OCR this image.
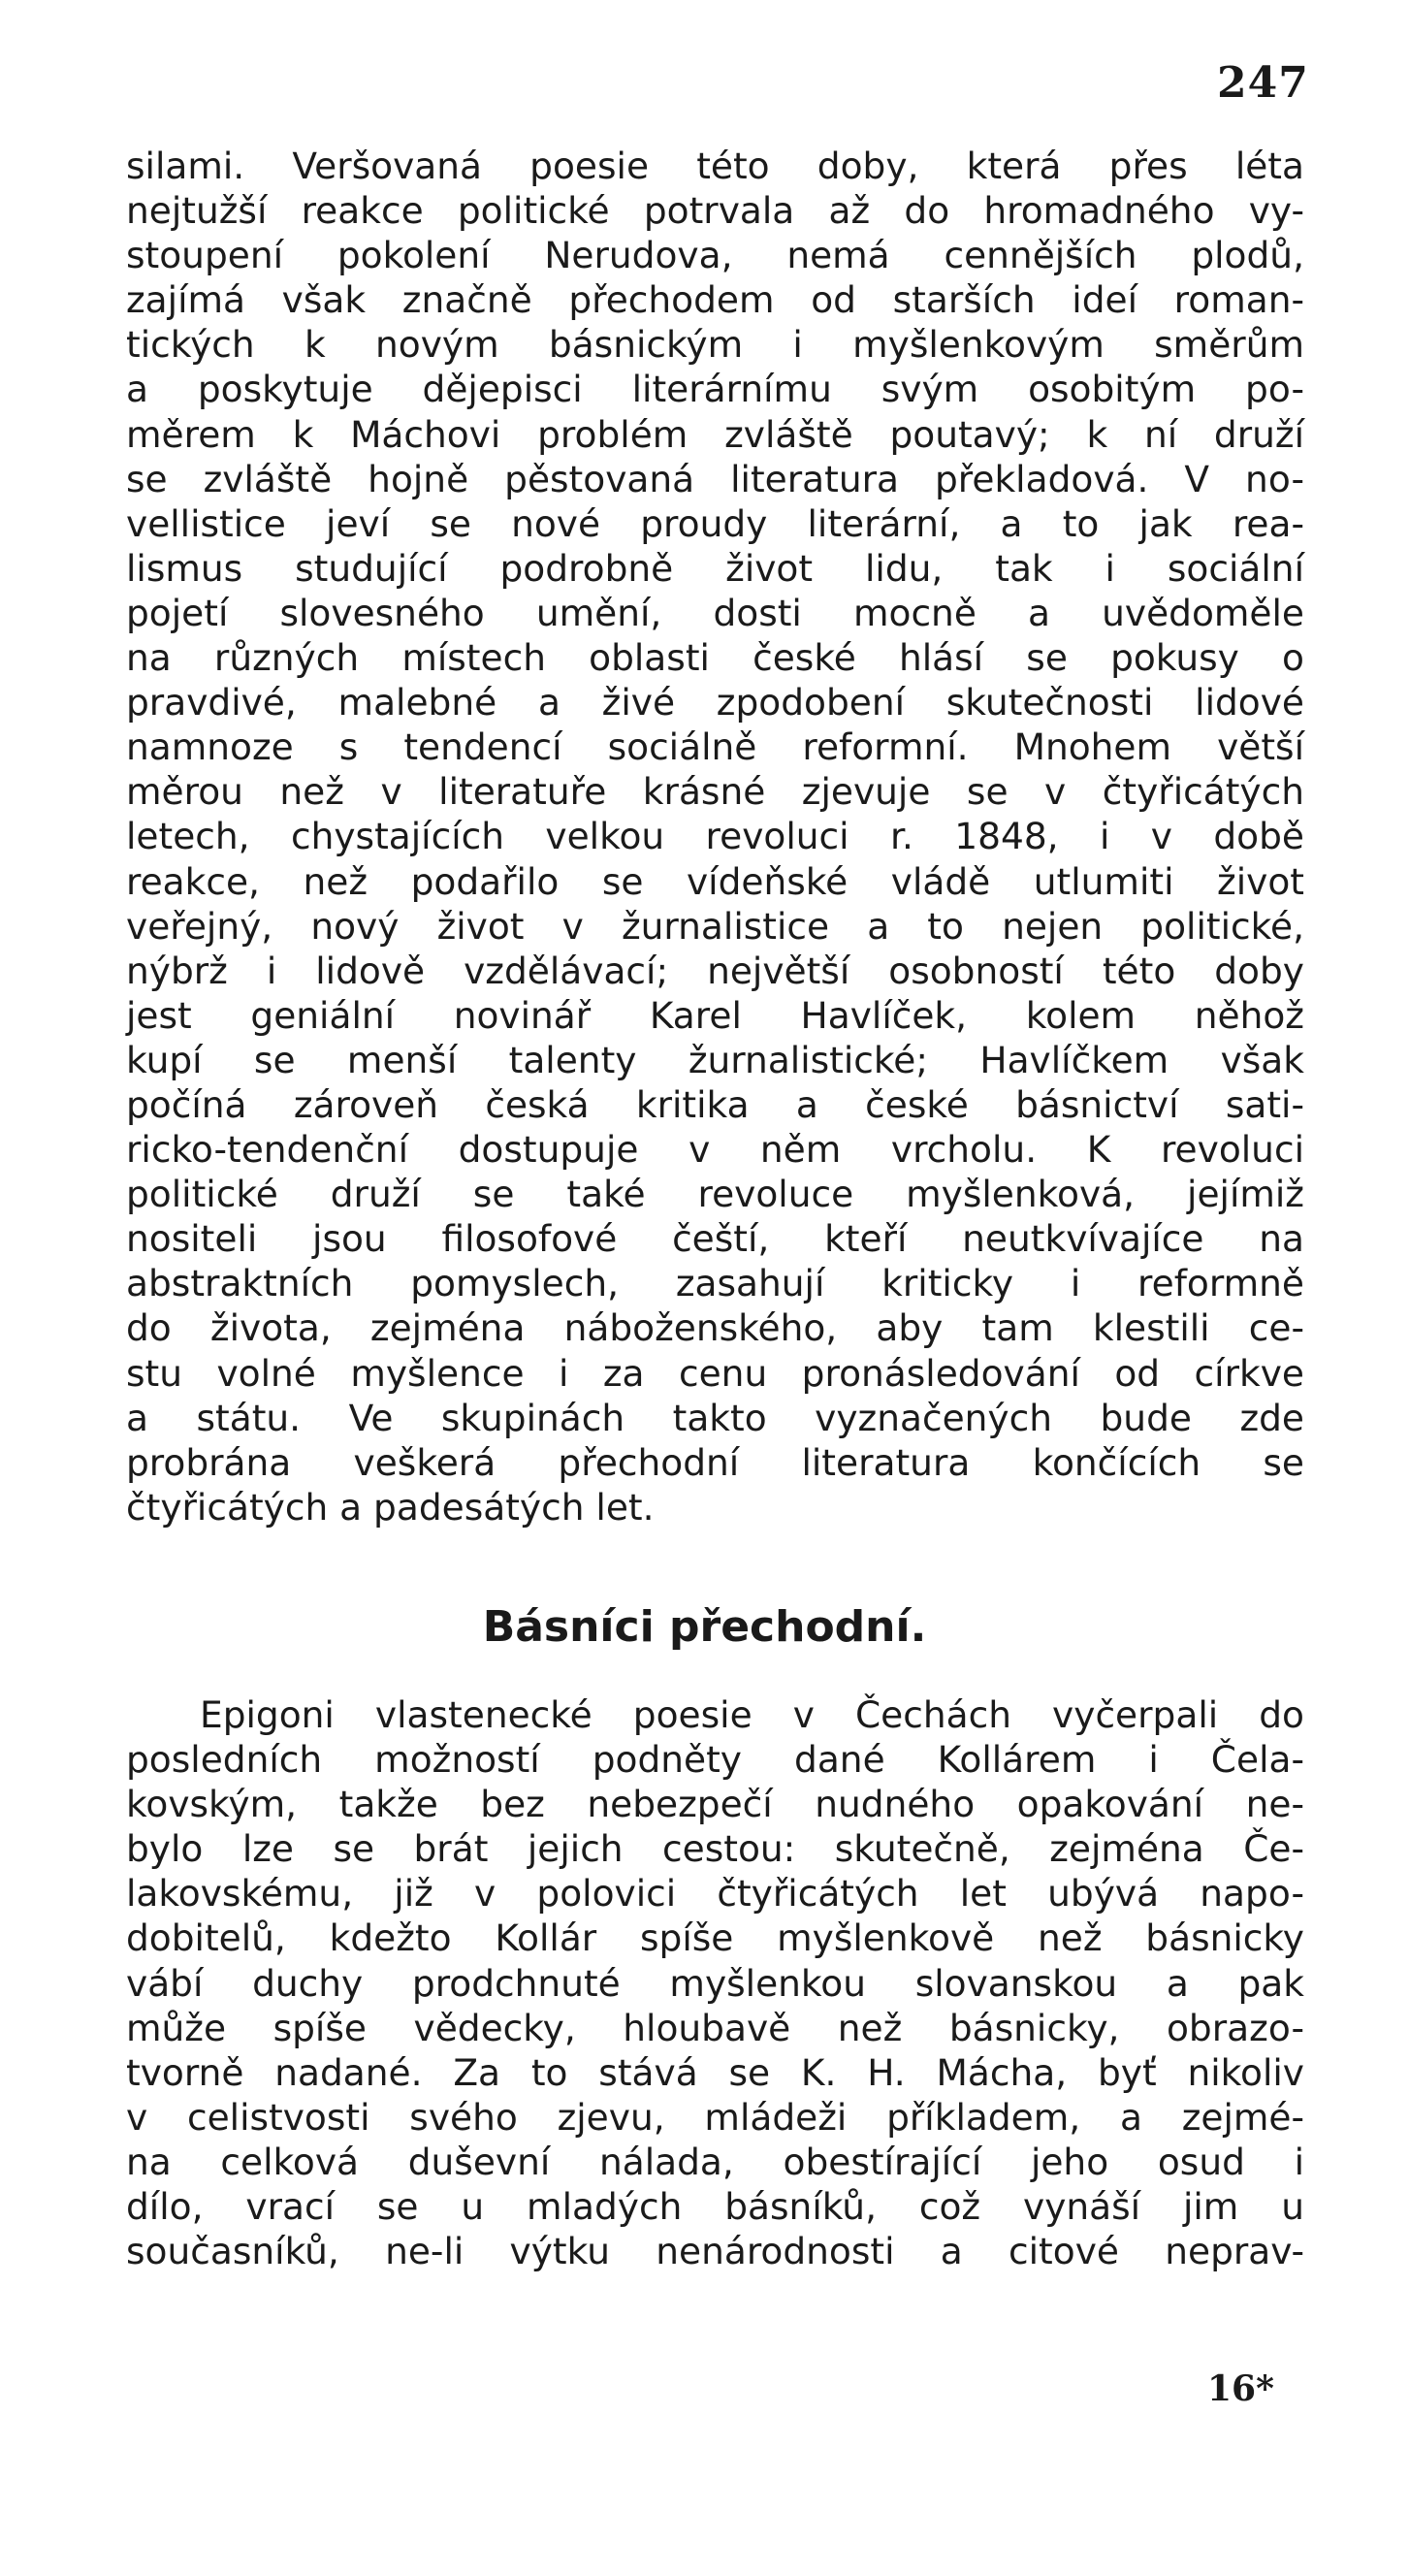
247
silami. Veršovaná poesie této doby, která přes léta
nejtužší reakce politické potrvala až do hromadného vy-
stoupení pokolení Nerudova, nemá cennějších plodů,
zajímá však značně přechodem od starších ideí roman-
tických k novým básnickým i myšlenkovým směrům
a poskytuje dějepisci literárnímu svým osobitým po-
měrem k Máchovi problém zvláště poutavý; k ní druží
se zvláště hojně pěstovaná literatura překladová. V no-
vellistice jeví se nové proudy literární, a to jak rea-
lismus studující podrobně život lidu, tak i sociální
pojetí slovesného umění, dosti mocně a uvědoměle
na různých místech oblasti české hlásí se pokusy o
pravdivé, malebné a živé zpodobení skutečnosti lidové
namnoze s tendencí sociálně reformní. Mnohem větší
měrou než v literatuře krásné zjevuje se v čtyřicátých
letech, chystajících velkou revoluci r. 1848, i v době
reakce, než podařilo se vídeňské vládě utlumiti život
veřejný, nový život v žurnalistice a to nejen politické,
nýbrž i lidově vzdělávací; největší osobností této doby
jest geniální novinář Karel Havlíček, kolem něhož
kupí se menší talenty žurnalistické; Havlíčkem však
počíná zároveň česká kritika a české básnictví sati-
ricko-tendenční dostupuje v něm vrcholu. K revoluci
politické druží se také revoluce myšlenková, jejímiž
nositeli jsou filosofové čeští, kteří neutkvívajíce na
abstraktních pomyslech, zasahují kriticky i reformně
do života, zejména náboženského, aby tam klestili ce-
stu volné myšlence i za cenu pronásledování od církve
a státu. Ve skupinách takto vyznačených bude zde
probrána veškerá přechodní literatura končících se
čtyřicátých a padesátých let.
Básníci přechodní.
Epigoni vlastenecké poesie v Čechách vyčerpali do
posledních možností podněty dané Kollárem i Čela-
kovským, takže bez nebezpečí nudného opakování ne-
bylo lze se brát jejich cestou: skutečně, zejména Če-
lakovskému, již v polovici čtyřicátých let ubývá napo-
dobitelů, kdežto Kollár spíše myšlenkově než básnicky
vábí duchy prodchnuté myšlenkou slovanskou a pak
může spíše vědecky, hloubavě než básnicky, obrazo-
tvorně nadané. Za to stává se K. H. Mácha, byť nikoliv
v celistvosti svého zjevu, mládeži příkladem, a zejmé-
na celková duševní nálada, obestírající jeho osud i
dílo, vrací se u mladých básníků, což vynáší jim u
současníků, ne-li výtku nenárodnosti a citové neprav-
16*
